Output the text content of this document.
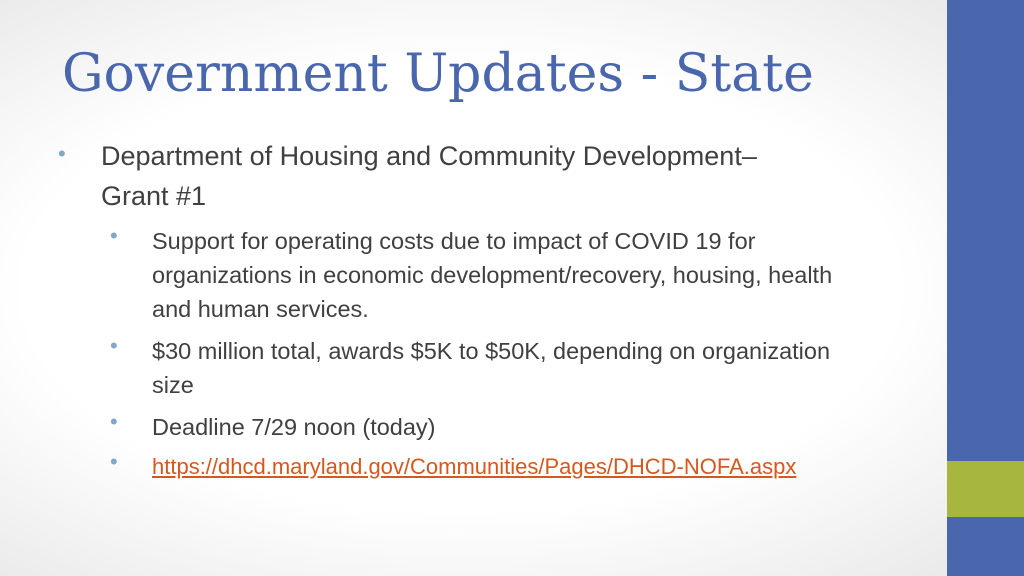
Government Updates - State
• Department of Housing and Community Development–
Grant #1
• Support for operating costs due to impact of COVID 19 for organizations in economic development/recovery, housing, health and human services.
• $30 million total, awards $5K to $50K, depending on organization size
• Deadline 7/29 noon (today)
• https://dhcd.maryland.gov/Communities/Pages/DHCD-NOFA.aspx
